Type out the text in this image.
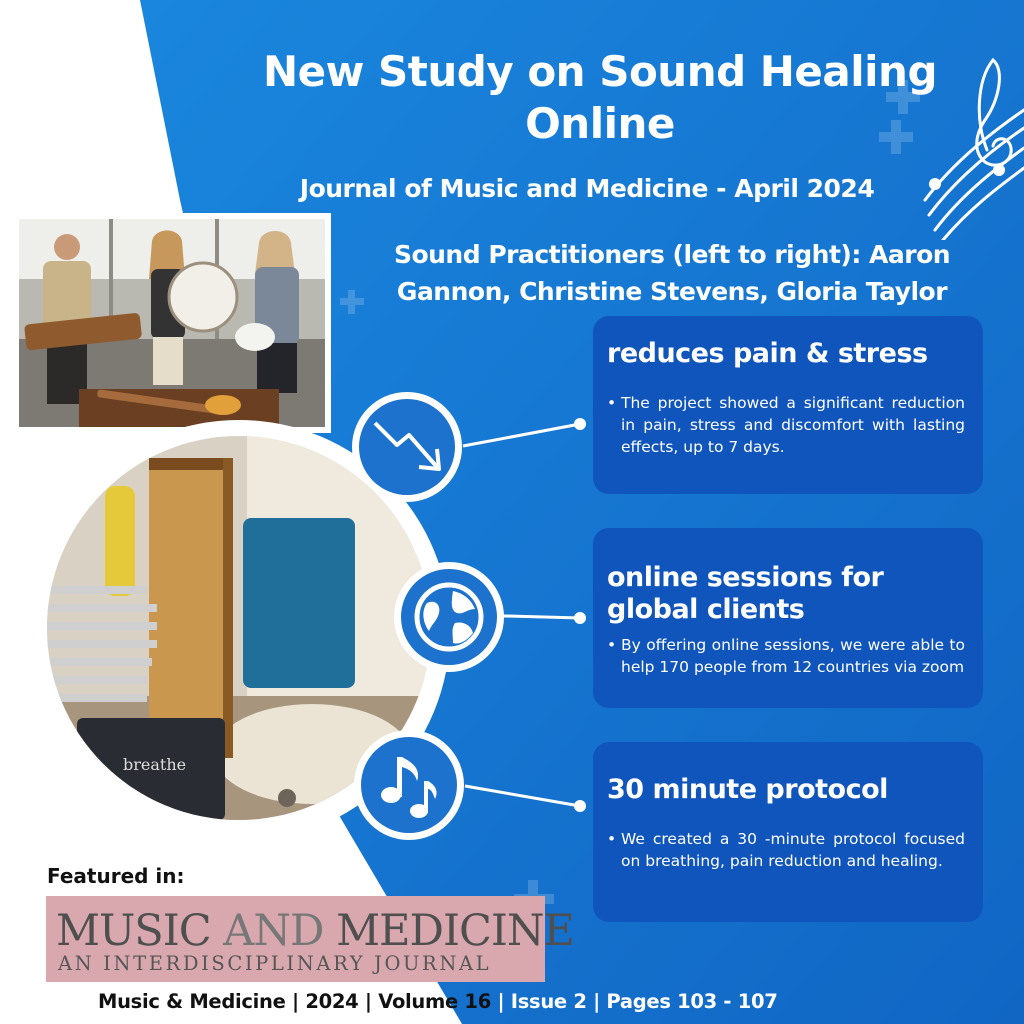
New Study on Sound Healing Online
Journal of Music and Medicine - April 2024
Sound Practitioners (left to right): Aaron Gannon, Christine Stevens, Gloria Taylor
breathe
reduces pain & stress
• The project showed a significant reduction in pain, stress and discomfort with lasting effects, up to 7 days.
online sessions for global clients
• By offering online sessions, we were able to help 170 people from 12 countries via zoom
30 minute protocol
• We created a 30 -minute protocol focused on breathing, pain reduction and healing.
Featured in:
MUSIC AND MEDICINE
AN INTERDISCIPLINARY JOURNAL
Music & Medicine | 2024 | Volume 16 | Issue 2 | Pages 103 - 107
